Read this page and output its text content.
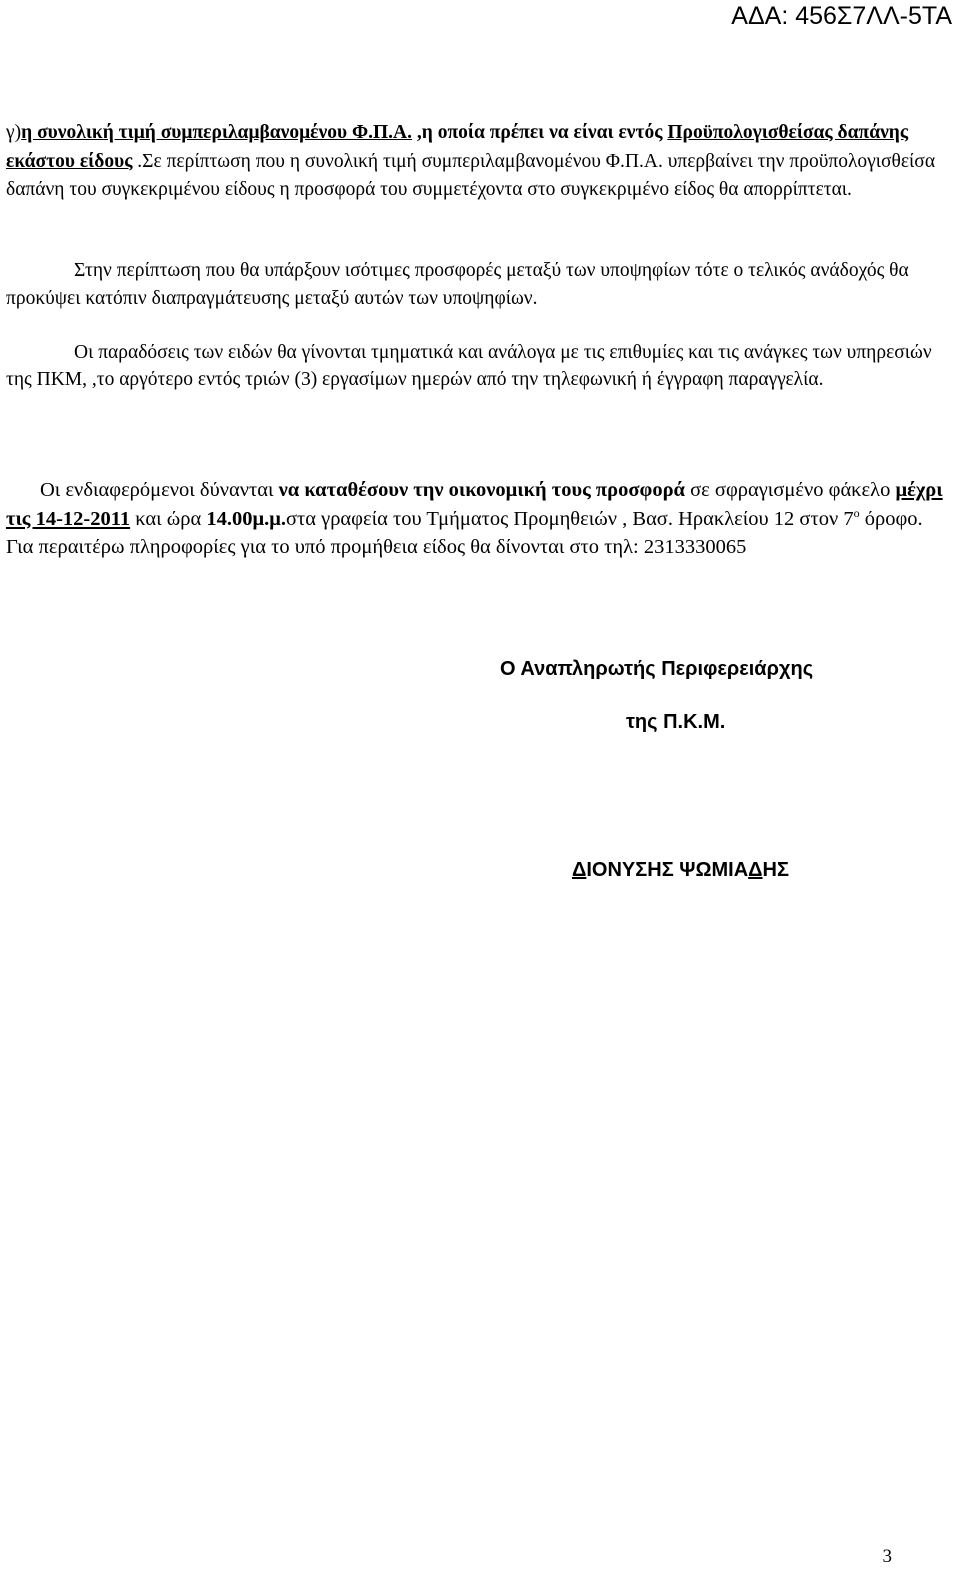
ΑΔΑ: 456Σ7ΛΛ-5ΤΑ

γ)η συνολική τιμή συμπεριλαμβανομένου Φ.Π.Α. ,η οποία πρέπει να είναι εντός Προϋπολογισθείσας δαπάνης εκάστου είδους .Σε περίπτωση που η συνολική τιμή συμπεριλαμβανομένου Φ.Π.Α. υπερβαίνει την προϋπολογισθείσα δαπάνη του συγκεκριμένου είδους η προσφορά του συμμετέχοντα στο συγκεκριμένο είδος θα απορρίπτεται.

Στην περίπτωση που θα υπάρξουν ισότιμες προσφορές μεταξύ των υποψηφίων τότε ο τελικός ανάδοχός θα προκύψει κατόπιν διαπραγμάτευσης μεταξύ αυτών των υποψηφίων.

Οι παραδόσεις των ειδών θα γίνονται τμηματικά και ανάλογα με τις επιθυμίες και τις ανάγκες των υπηρεσιών της ΠΚΜ, ,το αργότερο εντός τριών (3) εργασίμων ημερών από την τηλεφωνική ή έγγραφη παραγγελία.

Οι ενδιαφερόμενοι δύνανται να καταθέσουν την οικονομική τους προσφορά σε σφραγισμένο φάκελο μέχρι τις 14-12-2011 και ώρα 14.00μ.μ.στα γραφεία του Τμήματος Προμηθειών , Βασ. Ηρακλείου 12 στον $7^o$ όροφο. Για περαιτέρω πληροφορίες για το υπό προμήθεια είδος θα δίνονται στο τηλ: 2313330065

Ο Αναπληρωτής Περιφερειάρχης
της Π.Κ.Μ.
ΔΙΟΝΥΣΗΣ ΨΩΜΙΑΔΗΣ
3
